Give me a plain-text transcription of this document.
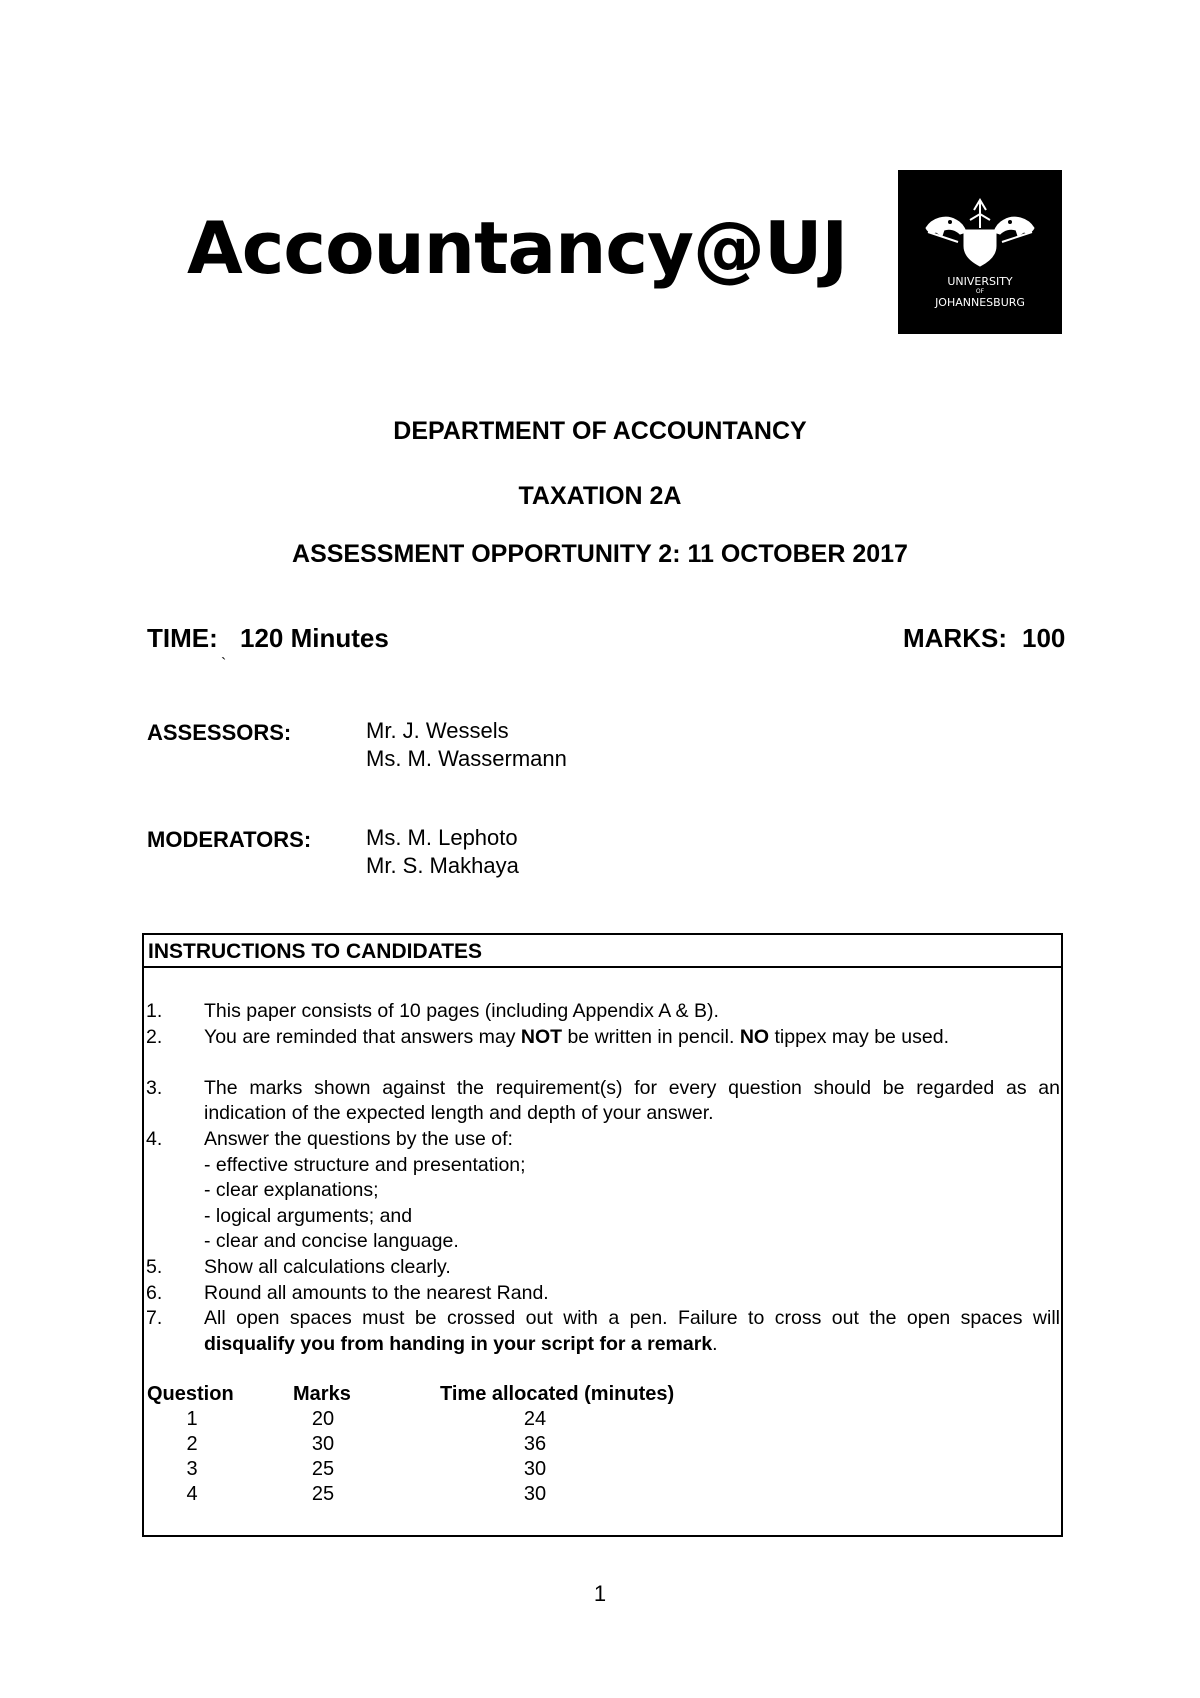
Accountancy@UJ	UNIVERSITY
OF
JOHANNESBURG
DEPARTMENT OF ACCOUNTANCY
TAXATION 2A
ASSESSMENT OPPORTUNITY 2: 11 OCTOBER 2017
TIME: 120 Minutes	MARKS: 100
`
ASSESSORS:	Mr. J. Wessels
Ms. M. Wassermann
MODERATORS: Ms. M. Lephoto
Mr. S. Makhaya
INSTRUCTIONS TO CANDIDATES
1.	This paper consists of 10 pages (including Appendix A & B).
2.	You are reminded that answers may NOT be written in pencil. NO tippex may be used.
3.	The marks shown against the requirement(s) for every question should be regarded as an indication of the expected length and depth of your answer.
4.	Answer the questions by the use of:
- effective structure and presentation;
- clear explanations;
- logical arguments; and
- clear and concise language.
5.	Show all calculations clearly.
6.	Round all amounts to the nearest Rand.
7.	All open spaces must be crossed out with a pen. Failure to cross out the open spaces will disqualify you from handing in your script for a remark.
Question	Marks	Time allocated (minutes)
1	20	24
2	30	36
3	25	30
4	25	30
1
